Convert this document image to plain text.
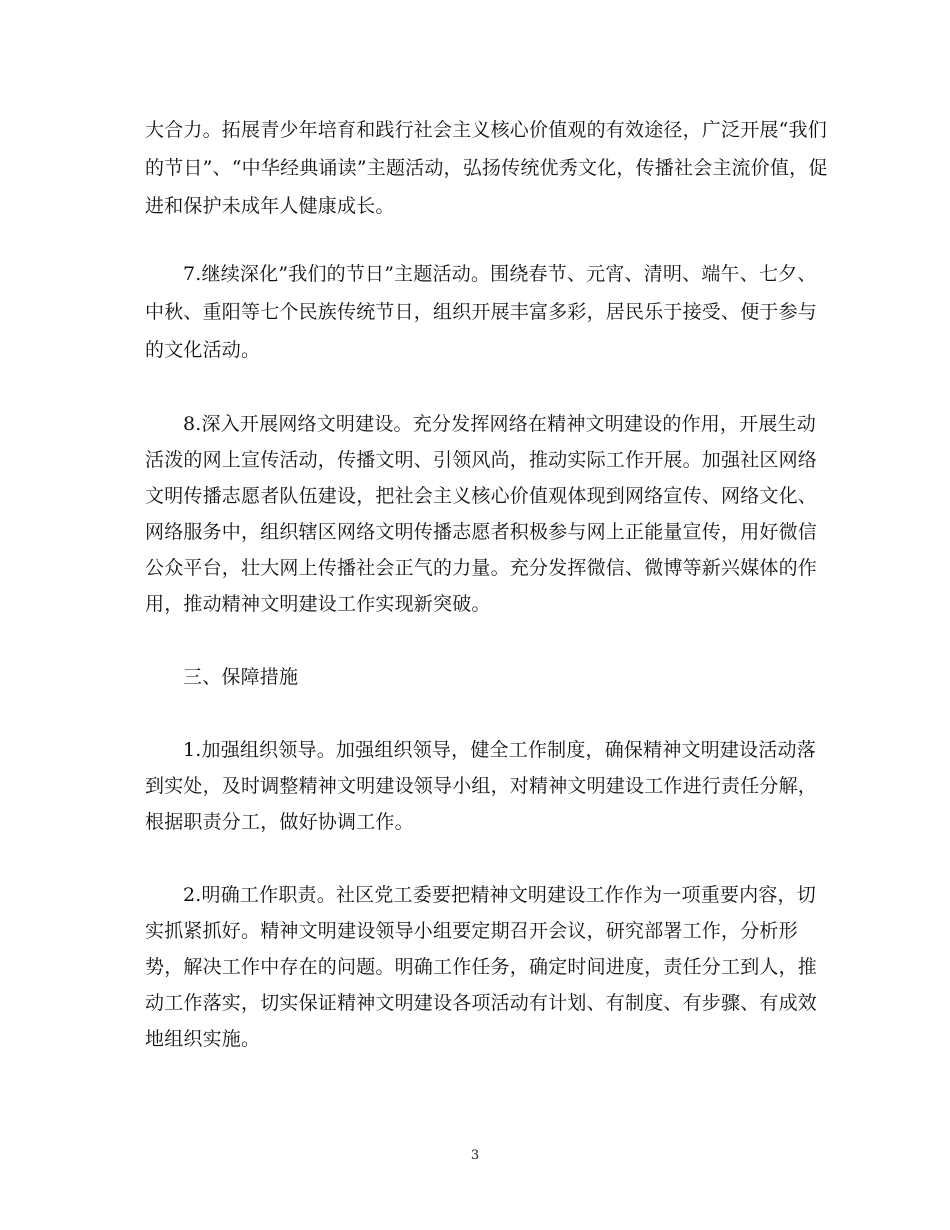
大合力。拓展青少年培育和践行社会主义核心价值观的有效途径，广泛开展“我们
的节日”、“中华经典诵读”主题活动，弘扬传统优秀文化，传播社会主流价值，促
进和保护未成年人健康成长。
7.继续深化”我们的节日”主题活动。围绕春节、元宵、清明、端午、七夕、
中秋、重阳等七个民族传统节日，组织开展丰富多彩，居民乐于接受、便于参与
的文化活动。
8.深入开展网络文明建设。充分发挥网络在精神文明建设的作用，开展生动
活泼的网上宣传活动，传播文明、引领风尚，推动实际工作开展。加强社区网络
文明传播志愿者队伍建设，把社会主义核心价值观体现到网络宣传、网络文化、
网络服务中，组织辖区网络文明传播志愿者积极参与网上正能量宣传，用好微信
公众平台，壮大网上传播社会正气的力量。充分发挥微信、微博等新兴媒体的作
用，推动精神文明建设工作实现新突破。
三、保障措施
1.加强组织领导。加强组织领导，健全工作制度，确保精神文明建设活动落
到实处，及时调整精神文明建设领导小组，对精神文明建设工作进行责任分解，
根据职责分工，做好协调工作。
2.明确工作职责。社区党工委要把精神文明建设工作作为一项重要内容，切
实抓紧抓好。精神文明建设领导小组要定期召开会议，研究部署工作，分析形
势，解决工作中存在的问题。明确工作任务，确定时间进度，责任分工到人，推
动工作落实，切实保证精神文明建设各项活动有计划、有制度、有步骤、有成效
地组织实施。
3
